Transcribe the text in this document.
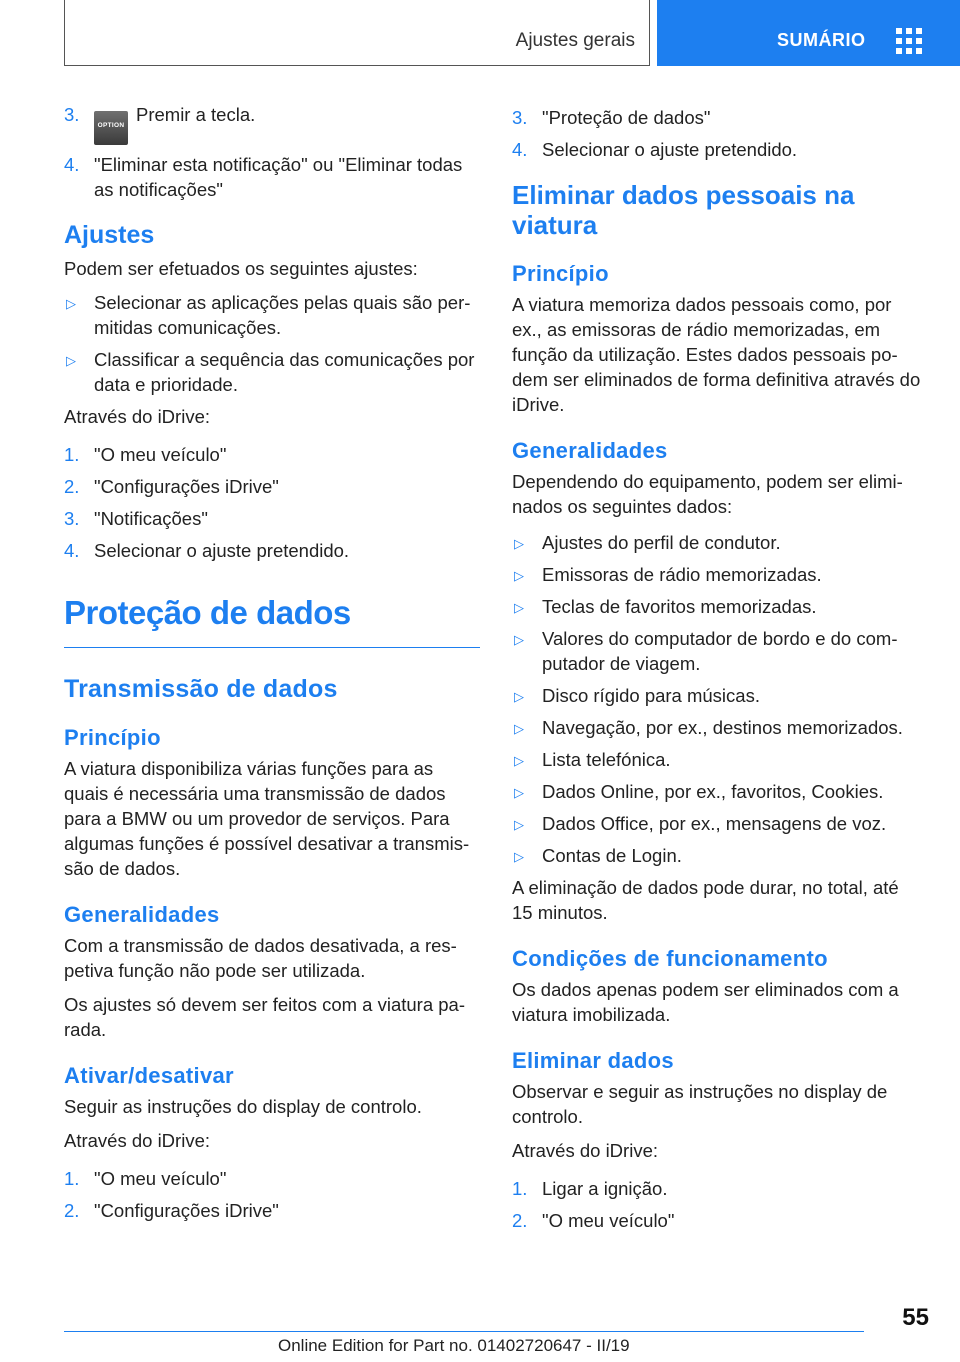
Ajustes gerais	SUMÁRIO
3.
OPTIONPremir a tecla.
4. "Eliminar esta notificação" ou "Eliminar todas as notificações"
Ajustes

Podem ser efetuados os seguintes ajustes:

▷ Selecionar as aplicações pelas quais são permitidas comunicações.
▷ Classificar a sequência das comunicações por data e prioridade.

Através do iDrive:

1. "O meu veículo"
2. "Configurações iDrive"
3. "Notificações"
4. Selecionar o ajuste pretendido.
Proteção de dados
Transmissão de dados
Princípio

A viatura disponibiliza várias funções para as quais é necessária uma transmissão de dados para a BMW ou um provedor de serviços. Para algumas funções é possível desativar a transmissão de dados.

Generalidades

Com a transmissão de dados desativada, a respetiva função não pode ser utilizada.

Os ajustes só devem ser feitos com a viatura parada.

Ativar/desativar

Seguir as instruções do display de controlo.

Através do iDrive:

1. "O meu veículo"
2. "Configurações iDrive"
3. "Proteção de dados"
4. Selecionar o ajuste pretendido.
Eliminar dados pessoais na viatura
Princípio

A viatura memoriza dados pessoais como, por ex., as emissoras de rádio memorizadas, em função da utilização. Estes dados pessoais podem ser eliminados de forma definitiva através do iDrive.

Generalidades

Dependendo do equipamento, podem ser eliminados os seguintes dados:

▷ Ajustes do perfil de condutor.
▷ Emissoras de rádio memorizadas.
▷ Teclas de favoritos memorizadas.
▷ Valores do computador de bordo e do computador de viagem.
▷ Disco rígido para músicas.
▷ Navegação, por ex., destinos memorizados.
▷ Lista telefónica.
▷ Dados Online, por ex., favoritos, Cookies.
▷ Dados Office, por ex., mensagens de voz.
▷ Contas de Login.

A eliminação de dados pode durar, no total, até 15 minutos.

Condições de funcionamento

Os dados apenas podem ser eliminados com a viatura imobilizada.

Eliminar dados

Observar e seguir as instruções no display de controlo.

Através do iDrive:

1. Ligar a ignição.
2. "O meu veículo"
55
Online Edition for Part no. 01402720647 - II/19
